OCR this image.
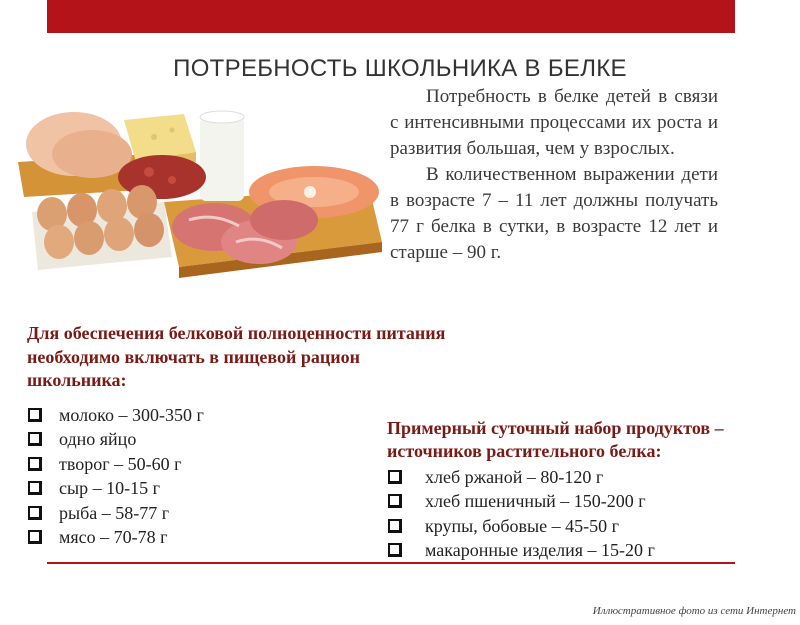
ПОТРЕБНОСТЬ ШКОЛЬНИКА В БЕЛКЕ

Потребность в белке детей в связи с интенсивными процессами их роста и развития большая, чем у взрослых.

В количественном выражении дети в возрасте 7 – 11 лет должны получать 77 г белка в сутки, в возрасте 12 лет и старше – 90 г.

Для обеспечения белковой полноценности питания необходимо включать в пищевой рацион школьника:
молоко – 300-350 г
одно яйцо
творог – 50-60 г
сыр – 10-15 г
рыба – 58-77 г
мясо – 70-78 г
Примерный суточный набор продуктов – источников растительного белка:
хлеб ржаной – 80-120 г
хлеб пшеничный – 150-200 г
крупы, бобовые – 45-50 г
макаронные изделия – 15-20 г
Иллюстративное фото из сети Интернет
